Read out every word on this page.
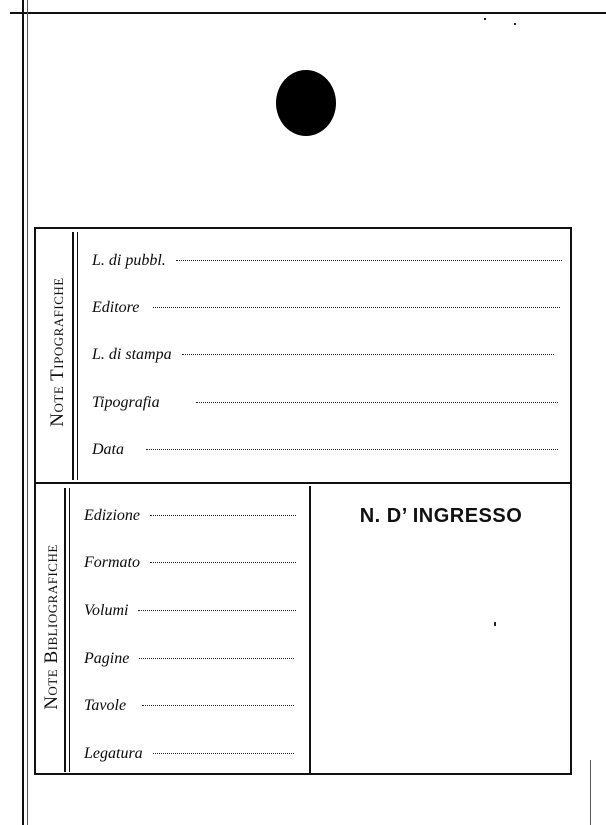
Note Tipografiche
L. di pubbl.
Editore
L. di stampa
Tipografia
Data
Note Bibliografiche
Edizione
Formato
Volumi
Pagine
Tavole
Legatura
N. D’ INGRESSO
